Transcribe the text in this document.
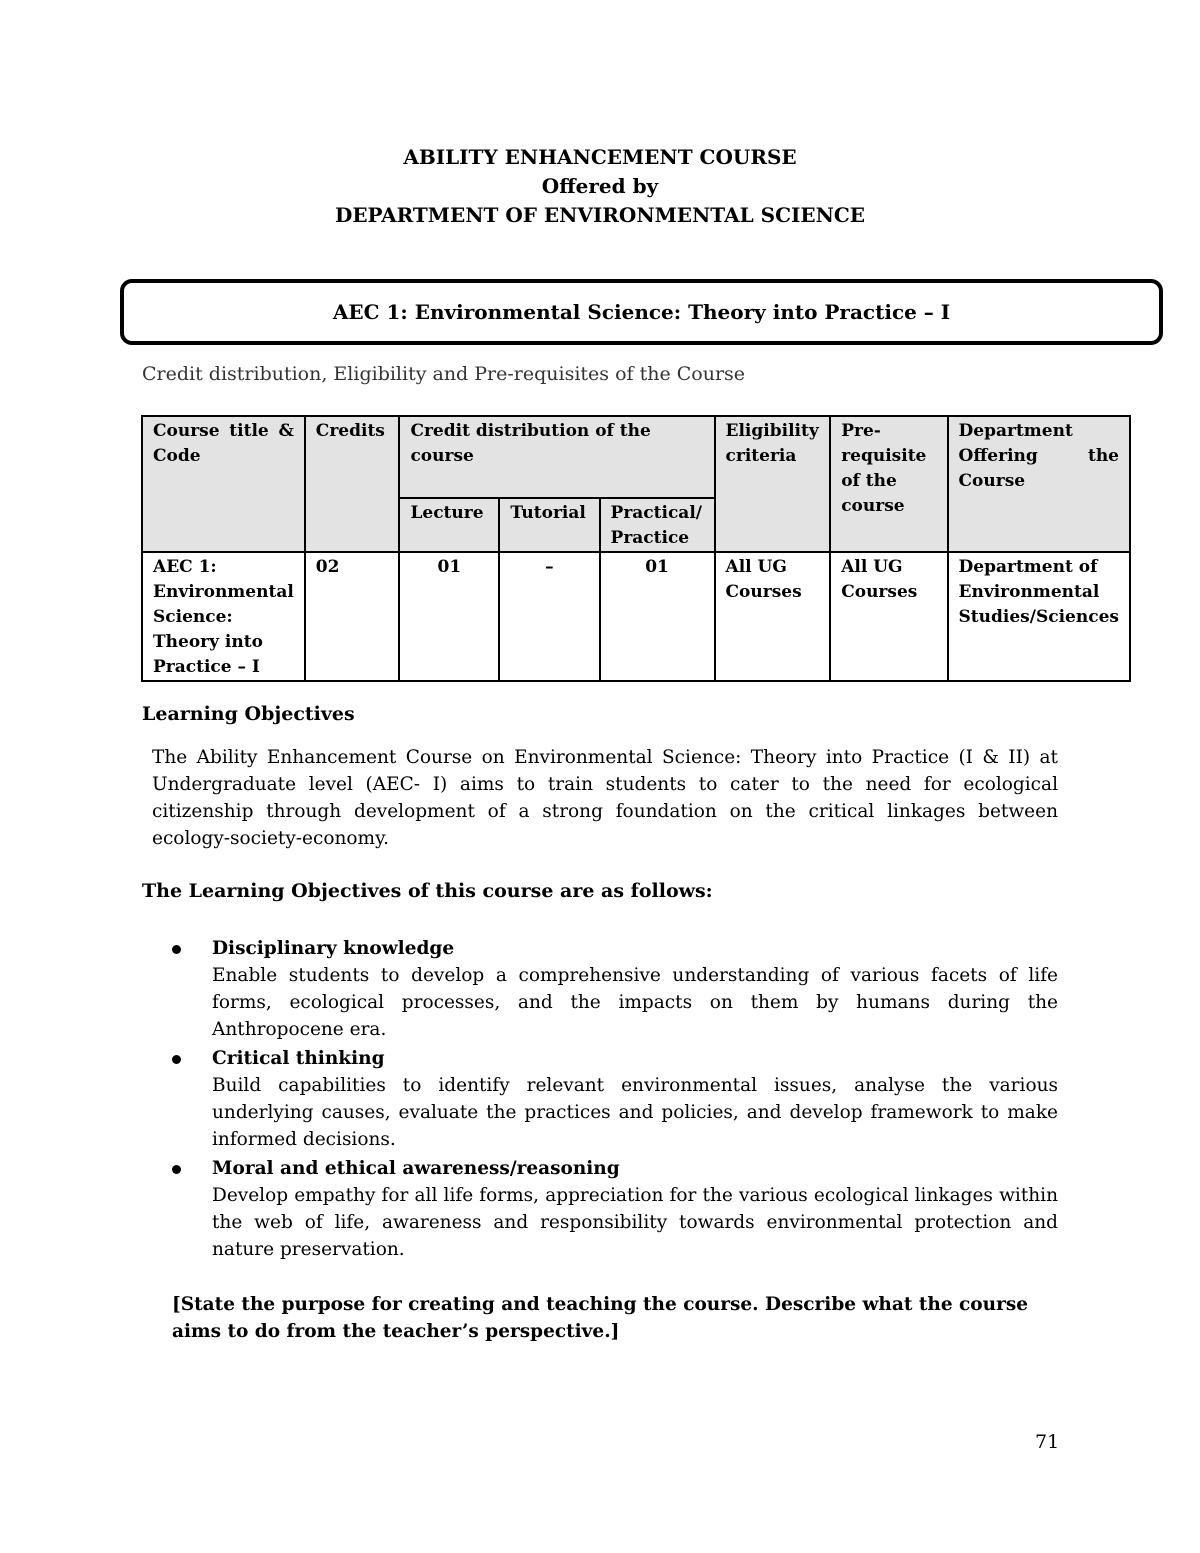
ABILITY ENHANCEMENT COURSE
Offered by
DEPARTMENT OF ENVIRONMENTAL SCIENCE
AEC 1: Environmental Science: Theory into Practice – I
Credit distribution, Eligibility and Pre-requisites of the Course
Course title & Code	Credits	Credit distribution of the course			Eligibility criteria	Pre-requisite of the course	Department Offering the Course
		Lecture	Tutorial	Practical/ Practice			
AEC 1: Environmental Science: Theory into Practice – I	02	01	–	01	All UG Courses	All UG Courses	Department of Environmental Studies/Sciences
Learning Objectives
The Ability Enhancement Course on Environmental Science: Theory into Practice (I & II) at Undergraduate level (AEC- I) aims to train students to cater to the need for ecological citizenship through development of a strong foundation on the critical linkages between ecology-society-economy.
The Learning Objectives of this course are as follows:
Disciplinary knowledge
Enable students to develop a comprehensive understanding of various facets of life forms, ecological processes, and the impacts on them by humans during the Anthropocene era.
Critical thinking
Build capabilities to identify relevant environmental issues, analyse the various underlying causes, evaluate the practices and policies, and develop framework to make informed decisions.
Moral and ethical awareness/reasoning
Develop empathy for all life forms, appreciation for the various ecological linkages within the web of life, awareness and responsibility towards environmental protection and nature preservation.
[State the purpose for creating and teaching the course. Describe what the course aims to do from the teacher’s perspective.]
71
